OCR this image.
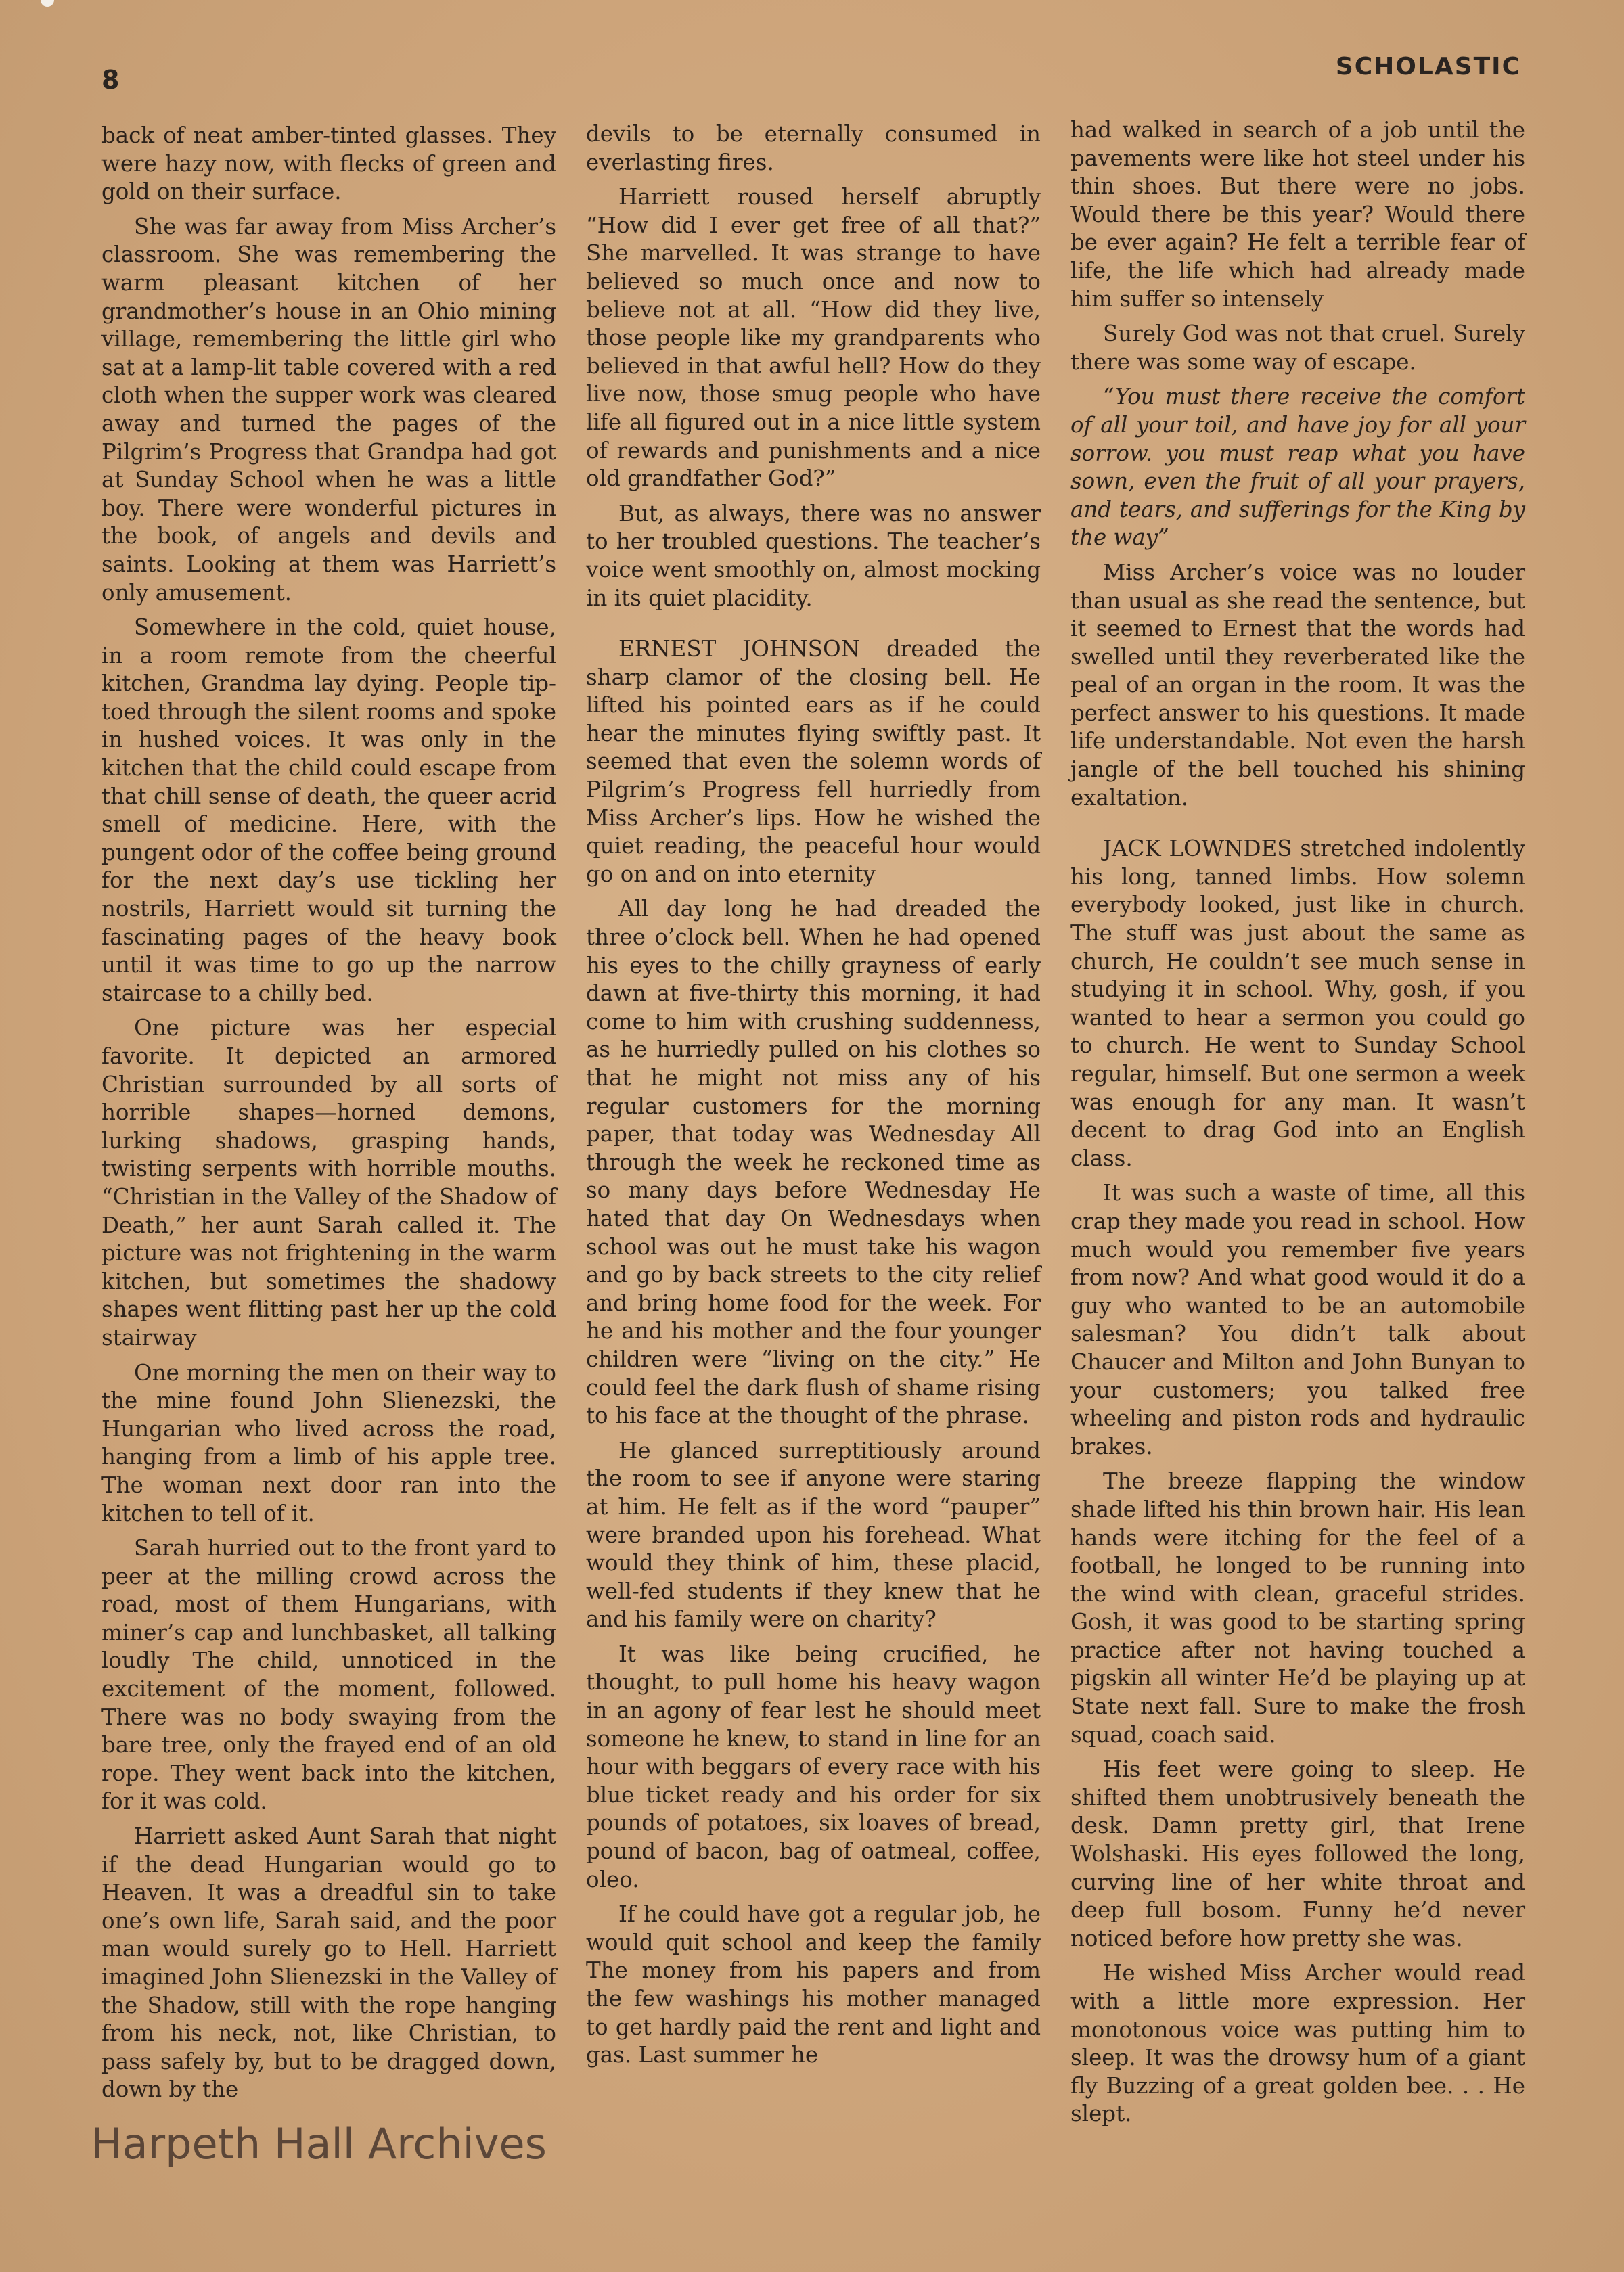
8	SCHOLASTIC

back of neat amber-tinted glasses. They were hazy now, with flecks of green and gold on their surface.

She was far away from Miss Archer’s classroom. She was remembering the warm pleasant kitchen of her grandmother’s house in an Ohio mining village, remembering the little girl who sat at a lamp-lit table covered with a red cloth when the supper work was cleared away and turned the pages of the Pilgrim’s Progress that Grandpa had got at Sunday School when he was a little boy. There were wonderful pictures in the book, of angels and devils and saints. Looking at them was Harriett’s only amusement.

Somewhere in the cold, quiet house, in a room remote from the cheerful kitchen, Grandma lay dying. People tip-toed through the silent rooms and spoke in hushed voices. It was only in the kitchen that the child could escape from that chill sense of death, the queer acrid smell of medicine. Here, with the pungent odor of the coffee being ground for the next day’s use tickling her nostrils, Harriett would sit turning the fascinating pages of the heavy book until it was time to go up the narrow staircase to a chilly bed.

One picture was her especial favorite. It depicted an armored Christian surrounded by all sorts of horrible shapes—horned demons, lurking shadows, grasping hands, twisting serpents with horrible mouths. “Christian in the Valley of the Shadow of Death,” her aunt Sarah called it. The picture was not frightening in the warm kitchen, but sometimes the shadowy shapes went flitting past her up the cold stairway

One morning the men on their way to the mine found John Slienezski, the Hungarian who lived across the road, hanging from a limb of his apple tree. The woman next door ran into the kitchen to tell of it.

Sarah hurried out to the front yard to peer at the milling crowd across the road, most of them Hungarians, with miner’s cap and lunchbasket, all talking loudly The child, unnoticed in the excitement of the moment, followed. There was no body swaying from the bare tree, only the frayed end of an old rope. They went back into the kitchen, for it was cold.

Harriett asked Aunt Sarah that night if the dead Hungarian would go to Heaven. It was a dreadful sin to take one’s own life, Sarah said, and the poor man would surely go to Hell. Harriett imagined John Slienezski in the Valley of the Shadow, still with the rope hanging from his neck, not, like Christian, to pass safely by, but to be dragged down, down by the

devils to be eternally consumed in everlasting fires.

Harriett roused herself abruptly “How did I ever get free of all that?” She marvelled. It was strange to have believed so much once and now to believe not at all. “How did they live, those people like my grandparents who believed in that awful hell? How do they live now, those smug people who have life all figured out in a nice little system of rewards and punishments and a nice old grandfather God?”

But, as always, there was no answer to her troubled questions. The teacher’s voice went smoothly on, almost mocking in its quiet placidity.

ERNEST JOHNSON dreaded the sharp clamor of the closing bell. He lifted his pointed ears as if he could hear the minutes flying swiftly past. It seemed that even the solemn words of Pilgrim’s Progress fell hurriedly from Miss Archer’s lips. How he wished the quiet reading, the peaceful hour would go on and on into eternity

All day long he had dreaded the three o’clock bell. When he had opened his eyes to the chilly grayness of early dawn at five-thirty this morning, it had come to him with crushing suddenness, as he hurriedly pulled on his clothes so that he might not miss any of his regular customers for the morning paper, that today was Wednesday All through the week he reckoned time as so many days before Wednesday He hated that day On Wednesdays when school was out he must take his wagon and go by back streets to the city relief and bring home food for the week. For he and his mother and the four younger children were “living on the city.” He could feel the dark flush of shame rising to his face at the thought of the phrase.

He glanced surreptitiously around the room to see if anyone were staring at him. He felt as if the word “pauper” were branded upon his forehead. What would they think of him, these placid, well-fed students if they knew that he and his family were on charity?

It was like being crucified, he thought, to pull home his heavy wagon in an agony of fear lest he should meet someone he knew, to stand in line for an hour with beggars of every race with his blue ticket ready and his order for six pounds of potatoes, six loaves of bread, pound of bacon, bag of oatmeal, coffee, oleo.

If he could have got a regular job, he would quit school and keep the family The money from his papers and from the few washings his mother managed to get hardly paid the rent and light and gas. Last summer he

had walked in search of a job until the pavements were like hot steel under his thin shoes. But there were no jobs. Would there be this year? Would there be ever again? He felt a terrible fear of life, the life which had already made him suffer so intensely

Surely God was not that cruel. Surely there was some way of escape.

“You must there receive the comfort of all your toil, and have joy for all your sorrow. you must reap what you have sown, even the fruit of all your prayers, and tears, and sufferings for the King by the way”

Miss Archer’s voice was no louder than usual as she read the sentence, but it seemed to Ernest that the words had swelled until they reverberated like the peal of an organ in the room. It was the perfect answer to his questions. It made life understandable. Not even the harsh jangle of the bell touched his shining exaltation.

JACK LOWNDES stretched indolently his long, tanned limbs. How solemn everybody looked, just like in church. The stuff was just about the same as church, He couldn’t see much sense in studying it in school. Why, gosh, if you wanted to hear a sermon you could go to church. He went to Sunday School regular, himself. But one sermon a week was enough for any man. It wasn’t decent to drag God into an English class.

It was such a waste of time, all this crap they made you read in school. How much would you remember five years from now? And what good would it do a guy who wanted to be an automobile salesman? You didn’t talk about Chaucer and Milton and John Bunyan to your customers; you talked free wheeling and piston rods and hydraulic brakes.

The breeze flapping the window shade lifted his thin brown hair. His lean hands were itching for the feel of a football, he longed to be running into the wind with clean, graceful strides. Gosh, it was good to be starting spring practice after not having touched a pigskin all winter He’d be playing up at State next fall. Sure to make the frosh squad, coach said.

His feet were going to sleep. He shifted them unobtrusively beneath the desk. Damn pretty girl, that Irene Wolshaski. His eyes followed the long, curving line of her white throat and deep full bosom. Funny he’d never noticed before how pretty she was.

He wished Miss Archer would read with a little more expression. Her monotonous voice was putting him to sleep. It was the drowsy hum of a giant fly Buzzing of a great golden bee. . . He slept.

Harpeth Hall Archives
